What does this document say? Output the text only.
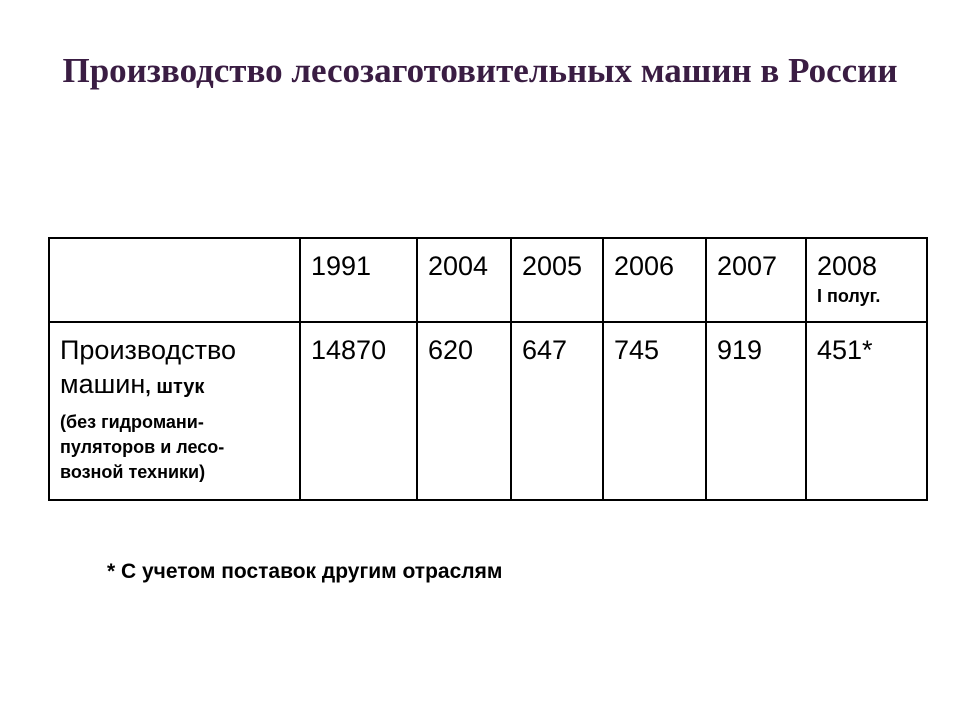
Производство лесозаготовительных машин в России

	1991	2004	2005	2006	2007	2008
I полуг.

Производство
машин, штук
(без гидромани-
пуляторов и лесо-
возной техники)	14870	620	647	745	919	451*
* С учетом поставок другим отраслям
